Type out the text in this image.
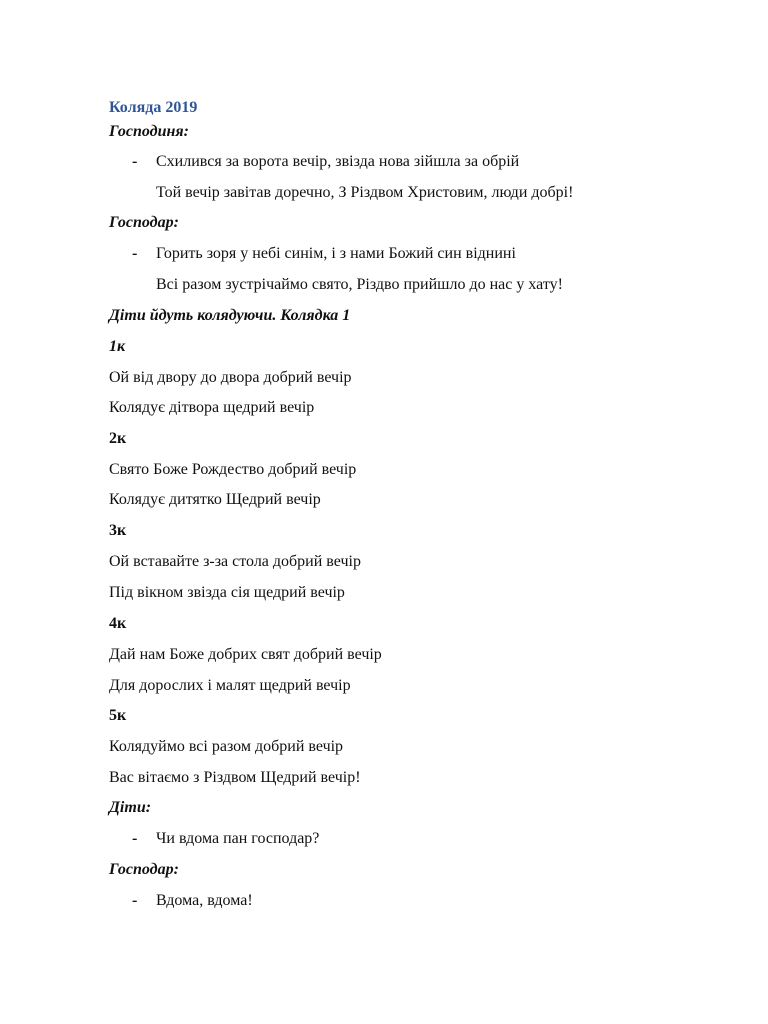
Коляда 2019
Господиня:
- Схилився за ворота вечір, звізда нова зійшла за обрій
Той вечір завітав доречно, З Різдвом Христовим, люди добрі!
Господар:
- Горить зоря у небі синім, і з нами Божий син віднині
Всі разом зустрічаймо свято, Різдво прийшло до нас у хату!
Діти йдуть колядуючи. Колядка 1
1к
Ой від двору до двора добрий вечір
Колядує дітвора щедрий вечір
2к
Свято Боже Рождество добрий вечір
Колядує дитятко Щедрий вечір
3к
Ой вставайте з-за стола добрий вечір
Під вікном звізда сія щедрий вечір
4к
Дай нам Боже добрих свят добрий вечір
Для дорослих і малят щедрий вечір
5к
Колядуймо всі разом добрий вечір
Вас вітаємо з Різдвом Щедрий вечір!
Діти:
- Чи вдома пан господар?
Господар:
- Вдома, вдома!
